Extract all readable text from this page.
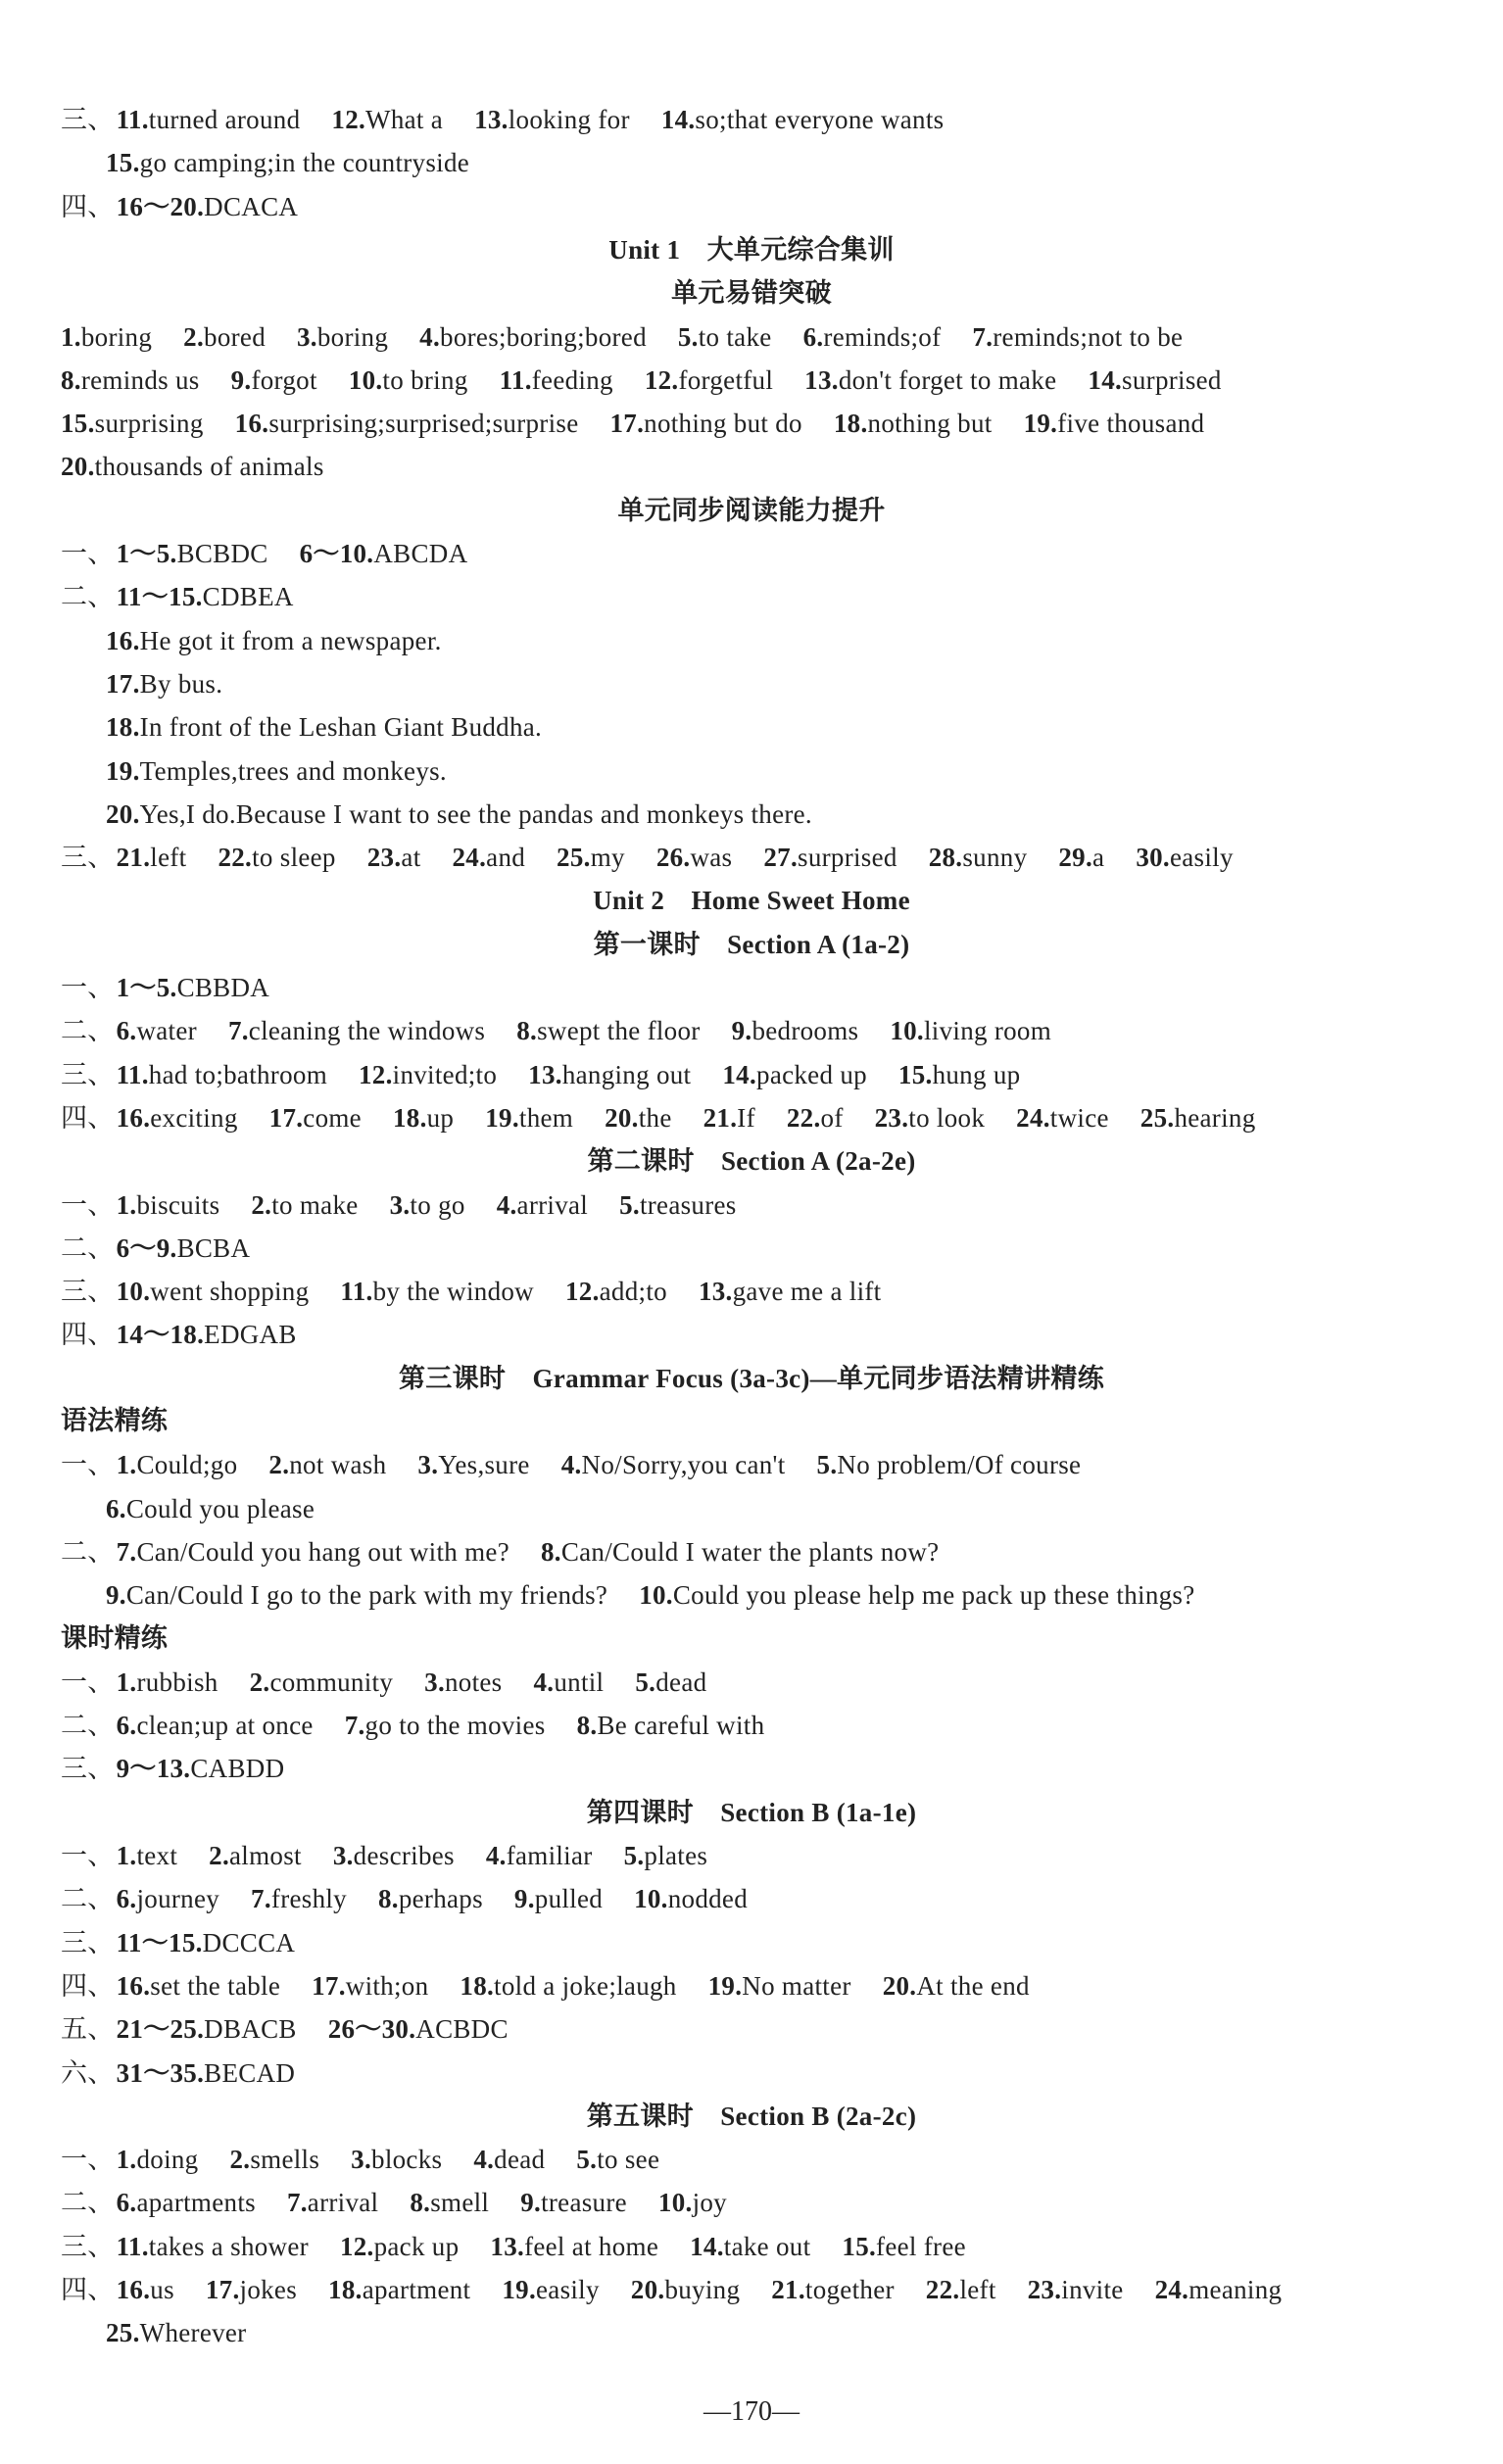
三、11.turned around 12.What a 13.looking for 14.so;that everyone wants
15.go camping;in the countryside
四、16～20.DCACA
Unit 1　大单元综合集训
单元易错突破
1.boring 2.bored 3.boring 4.bores;boring;bored 5.to take 6.reminds;of 7.reminds;not to be
8.reminds us 9.forgot 10.to bring 11.feeding 12.forgetful 13.don't forget to make 14.surprised
15.surprising 16.surprising;surprised;surprise 17.nothing but do 18.nothing but 19.five thousand
20.thousands of animals
单元同步阅读能力提升
一、1～5.BCBDC 6～10.ABCDA
二、11～15.CDBEA
16.He got it from a newspaper.
17.By bus.
18.In front of the Leshan Giant Buddha.
19.Temples,trees and monkeys.
20.Yes,I do.Because I want to see the pandas and monkeys there.
三、21.left 22.to sleep 23.at 24.and 25.my 26.was 27.surprised 28.sunny 29.a 30.easily
Unit 2　Home Sweet Home
第一课时　Section A (1a-2)
一、1～5.CBBDA
二、6.water 7.cleaning the windows 8.swept the floor 9.bedrooms 10.living room
三、11.had to;bathroom 12.invited;to 13.hanging out 14.packed up 15.hung up
四、16.exciting 17.come 18.up 19.them 20.the 21.If 22.of 23.to look 24.twice 25.hearing
第二课时　Section A (2a-2e)
一、1.biscuits 2.to make 3.to go 4.arrival 5.treasures
二、6～9.BCBA
三、10.went shopping 11.by the window 12.add;to 13.gave me a lift
四、14～18.EDGAB
第三课时　Grammar Focus (3a-3c)—单元同步语法精讲精练
语法精练
一、1.Could;go 2.not wash 3.Yes,sure 4.No/Sorry,you can't 5.No problem/Of course
6.Could you please
二、7.Can/Could you hang out with me? 8.Can/Could I water the plants now?
9.Can/Could I go to the park with my friends? 10.Could you please help me pack up these things?
课时精练
一、1.rubbish 2.community 3.notes 4.until 5.dead
二、6.clean;up at once 7.go to the movies 8.Be careful with
三、9～13.CABDD
第四课时　Section B (1a-1e)
一、1.text 2.almost 3.describes 4.familiar 5.plates
二、6.journey 7.freshly 8.perhaps 9.pulled 10.nodded
三、11～15.DCCCA
四、16.set the table 17.with;on 18.told a joke;laugh 19.No matter 20.At the end
五、21～25.DBACB 26～30.ACBDC
六、31～35.BECAD
第五课时　Section B (2a-2c)
一、1.doing 2.smells 3.blocks 4.dead 5.to see
二、6.apartments 7.arrival 8.smell 9.treasure 10.joy
三、11.takes a shower 12.pack up 13.feel at home 14.take out 15.feel free
四、16.us 17.jokes 18.apartment 19.easily 20.buying 21.together 22.left 23.invite 24.meaning
25.Wherever
—170—
